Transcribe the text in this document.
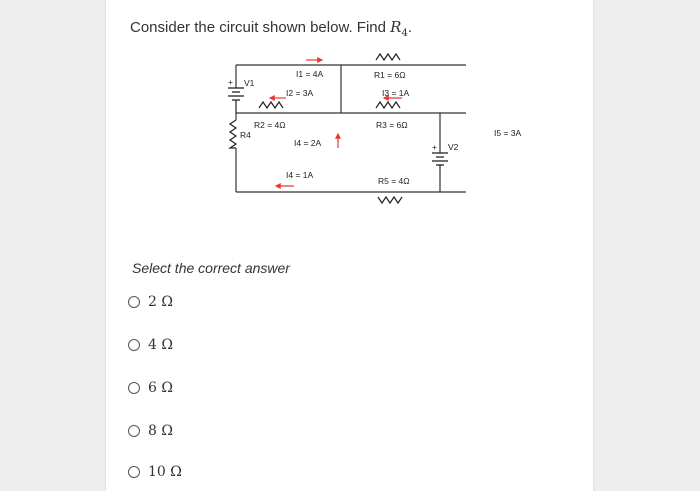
Consider the circuit shown below. Find $R_4$.
+
+
V1
I1 = 4A	R1 = 6Ω
I2 = 3A	I3 = 1A
R2 = 4Ω	R3 = 6Ω
I4 = 2A	V2
R4
I4 = 1A
R5 = 4Ω
I5 = 3A
Select the correct answer
2 Ω
4 Ω
6 Ω
8 Ω
10 Ω
